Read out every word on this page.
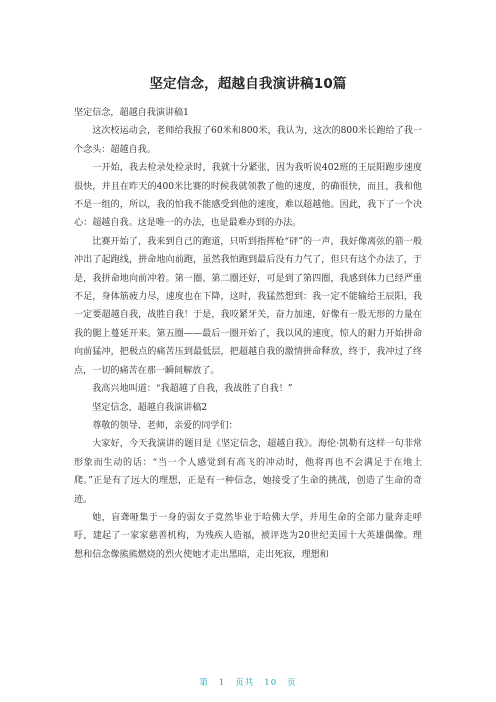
坚定信念，超越自我演讲稿10篇

坚定信念，超越自我演讲稿1

这次校运动会，老师给我报了60米和800米，我认为，这次的800米长跑给了我一个念头：超越自我。

一开始，我去检录处检录时，我就十分紧张，因为我听说402班的王辰阳跑步速度很快，并且在昨天的400米比赛的时候我就领教了他的速度，的确很快，而且，我和他不是一组的，所以，我的怕我不能感受到他的速度，难以超越他。因此，我下了一个决心：超越自我。这是唯一的办法，也是最难办到的办法。

比赛开始了，我来到自己的跑道，只听到指挥枪“砰”的一声，我好像离弦的箭一般冲出了起跑线，拼命地向前跑，虽然我怕跑到最后没有力气了，但只有这个办法了，于是，我拼命地向前冲着。第一圈、第二圈还好，可是到了第四圈，我感到体力已经严重不足，身体筋疲力尽，速度也在下降，这时，我猛然想到：我一定不能输给王辰阳，我一定要超越自我，战胜自我！于是，我咬紧牙关，奋力加速，好像有一股无形的力量在我的腿上蔓延开来。第五圈——最后一圈开始了，我以风的速度，惊人的耐力开始拼命向前猛冲，把极点的痛苦压到最低层，把超越自我的激情拼命释放，终于，我冲过了终点，一切的痛苦在那一瞬间解放了。

我高兴地叫道：“我超越了自我，我战胜了自我！”

坚定信念，超越自我演讲稿2

尊敬的领导、老师，亲爱的同学们：

大家好，今天我演讲的题目是《坚定信念，超越自我》。海伦·凯勒有这样一句非常形象而生动的话：“当一个人感觉到有高飞的冲动时，他将再也不会满足于在地上爬。”正是有了远大的理想，正是有一种信念，她接受了生命的挑战，创造了生命的奇迹。

她，盲聋哑集于一身的弱女子竟然毕业于哈佛大学，并用生命的全部力量奔走呼吁，建起了一家家慈善机构，为残疾人造福，被评选为20世纪美国十大英雄偶像。理想和信念像熊熊燃烧的烈火使她才走出黑暗，走出死寂，理想和

第 1 页共 10 页
